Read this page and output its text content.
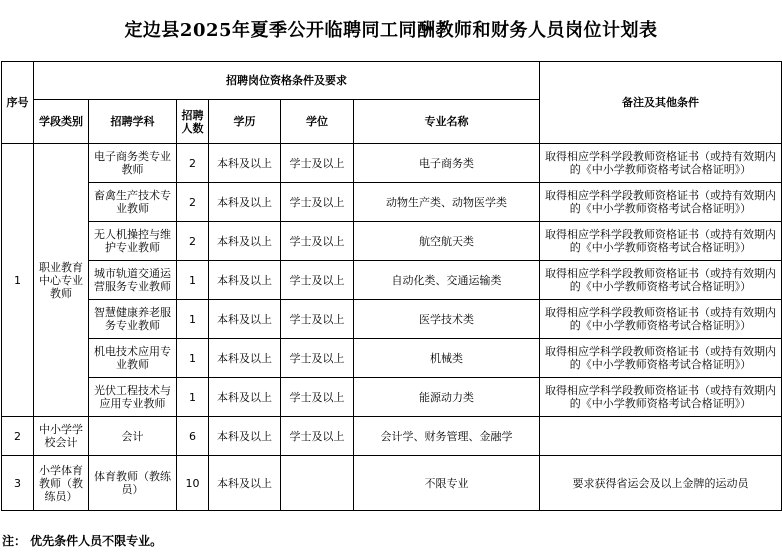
定边县2025年夏季公开临聘同工同酬教师和财务人员岗位计划表
序号	招聘岗位资格条件及要求						备注及其他条件
	学段类别	招聘学科	招聘人数	学历	学位	专业名称	
1	职业教育中心专业教师	电子商务类专业教师	2	本科及以上	学士及以上	电子商务类	取得相应学科学段教师资格证书（或持有效期内的《中小学教师资格考试合格证明》）

		畜禽生产技术专业教师	2	本科及以上	学士及以上	动物生产类、动物医学类	取得相应学科学段教师资格证书（或持有效期内的《中小学教师资格考试合格证明》）

		无人机操控与维护专业教师	2	本科及以上	学士及以上	航空航天类	取得相应学科学段教师资格证书（或持有效期内的《中小学教师资格考试合格证明》）

		城市轨道交通运营服务专业教师	1	本科及以上	学士及以上	自动化类、交通运输类	取得相应学科学段教师资格证书（或持有效期内的《中小学教师资格考试合格证明》）

		智慧健康养老服务专业教师	1	本科及以上	学士及以上	医学技术类	取得相应学科学段教师资格证书（或持有效期内的《中小学教师资格考试合格证明》）

		机电技术应用专业教师	1	本科及以上	学士及以上	机械类	取得相应学科学段教师资格证书（或持有效期内的《中小学教师资格考试合格证明》）

		光伏工程技术与应用专业教师	1	本科及以上	学士及以上	能源动力类	取得相应学科学段教师资格证书（或持有效期内的《中小学教师资格考试合格证明》）
2	中小学学校会计	会计	6	本科及以上	学士及以上	会计学、财务管理、金融学	
3	小学体育教师（教练员）	体育教师（教练员）	10	本科及以上		不限专业	要求获得省运会及以上金牌的运动员
注： 优先条件人员不限专业。
